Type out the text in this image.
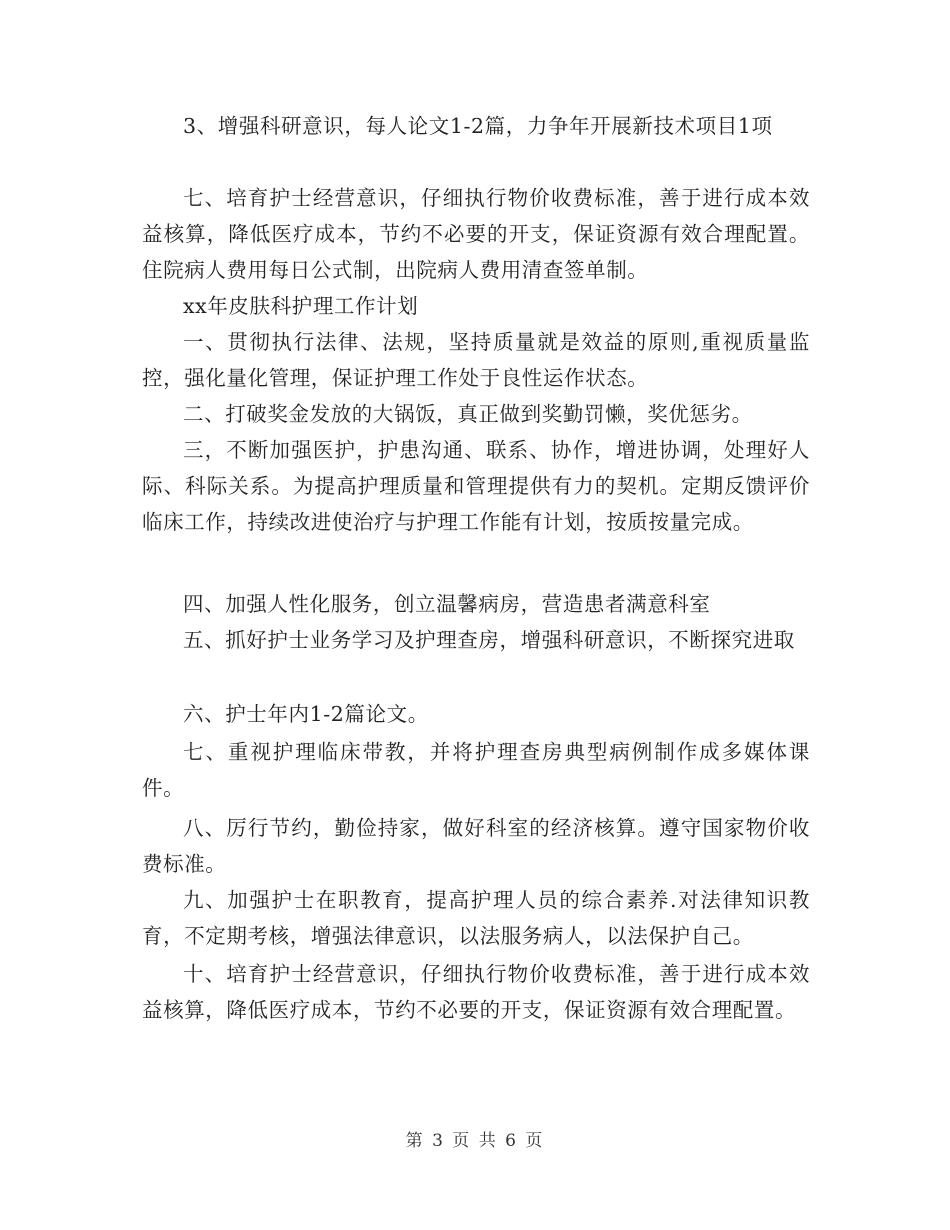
3、增强科研意识，每人论文1-2篇，力争年开展新技术项目1项

七、培育护士经营意识，仔细执行物价收费标准，善于进行成本效益核算，降低医疗成本，节约不必要的开支，保证资源有效合理配置。 住院病人费用每日公式制，出院病人费用清查签单制。

xx年皮肤科护理工作计划

一、贯彻执行法律、法规，坚持质量就是效益的原则,重视质量监控，强化量化管理，保证护理工作处于良性运作状态。

二、打破奖金发放的大锅饭，真正做到奖勤罚懒，奖优惩劣。

三，不断加强医护，护患沟通、联系、协作，增进协调，处理好人际、科际关系。为提高护理质量和管理提供有力的契机。定期反馈评价临床工作，持续改进使治疗与护理工作能有计划，按质按量完成。

四、加强人性化服务，创立温馨病房，营造患者满意科室

五、抓好护士业务学习及护理查房，增强科研意识，不断探究进取

六、护士年内1-2篇论文。

七、重视护理临床带教，并将护理查房典型病例制作成多媒体课件。

八、厉行节约，勤俭持家，做好科室的经济核算。遵守国家物价收费标准。

九、加强护士在职教育，提高护理人员的综合素养.对法律知识教育，不定期考核，增强法律意识，以法服务病人，以法保护自己。

十、培育护士经营意识，仔细执行物价收费标准，善于进行成本效益核算，降低医疗成本，节约不必要的开支，保证资源有效合理配置。

第 3 页 共 6 页
